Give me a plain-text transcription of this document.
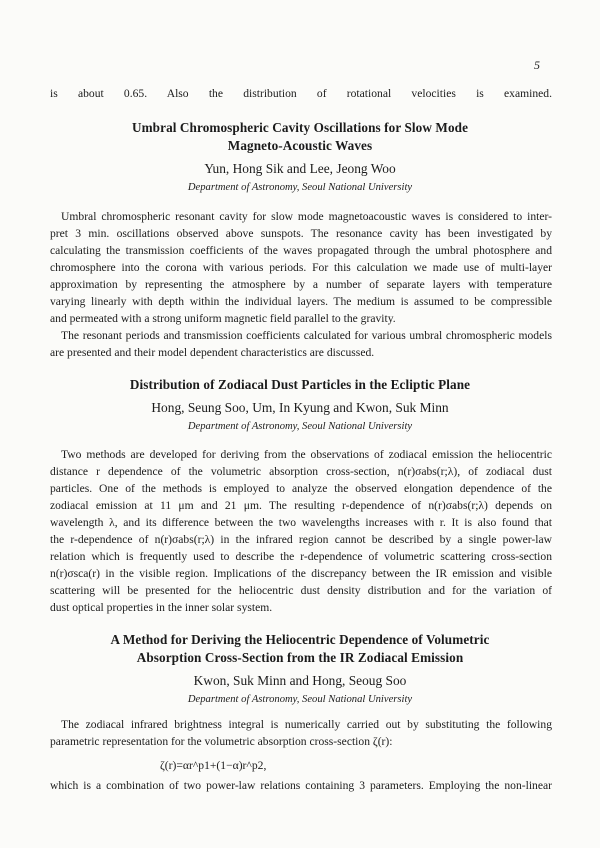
5
is about 0.65. Also the distribution of rotational velocities is examined.
Umbral Chromospheric Cavity Oscillations for Slow Mode
Magneto-Acoustic Waves
Yun, Hong Sik and Lee, Jeong Woo
Department of Astronomy, Seoul National University
Umbral chromospheric resonant cavity for slow mode magnetoacoustic waves is considered to inter-
pret 3 min. oscillations observed above sunspots. The resonance cavity has been investigated by
calculating the transmission coefficients of the waves propagated through the umbral photosphere and
chromosphere into the corona with various periods. For this calculation we made use of multi-layer
approximation by representing the atmosphere by a number of separate layers with temperature
varying linearly with depth within the individual layers. The medium is assumed to be compressible
and permeated with a strong uniform magnetic field parallel to the gravity.
The resonant periods and transmission coefficients calculated for various umbral chromospheric models
are presented and their model dependent characteristics are discussed.
Distribution of Zodiacal Dust Particles in the Ecliptic Plane
Hong, Seung Soo, Um, In Kyung and Kwon, Suk Minn
Department of Astronomy, Seoul National University
Two methods are developed for deriving from the observations of zodiacal emission the heliocentric
distance r dependence of the volumetric absorption cross-section, n(r)σabs(r;λ), of zodiacal dust
particles. One of the methods is employed to analyze the observed elongation dependence of the
zodiacal emission at 11 μm and 21 μm. The resulting r-dependence of n(r)σabs(r;λ) depends on
wavelength λ, and its difference between the two wavelengths increases with r. It is also found that
the r-dependence of n(r)σabs(r;λ) in the infrared region cannot be described by a single power-law
relation which is frequently used to describe the r-dependence of volumetric scattering cross-section
n(r)σsca(r) in the visible region. Implications of the discrepancy between the IR emission and visible
scattering will be presented for the heliocentric dust density distribution and for the variation of
dust optical properties in the inner solar system.
A Method for Deriving the Heliocentric Dependence of Volumetric
Absorption Cross-Section from the IR Zodiacal Emission
Kwon, Suk Minn and Hong, Seoug Soo
Department of Astronomy, Seoul National University
The zodiacal infrared brightness integral is numerically carried out by substituting the following
parametric representation for the volumetric absorption cross-section ζ(r):
ζ(r)=αr^p1+(1−α)r^p2,
which is a combination of two power-law relations containing 3 parameters. Employing the non-linear
